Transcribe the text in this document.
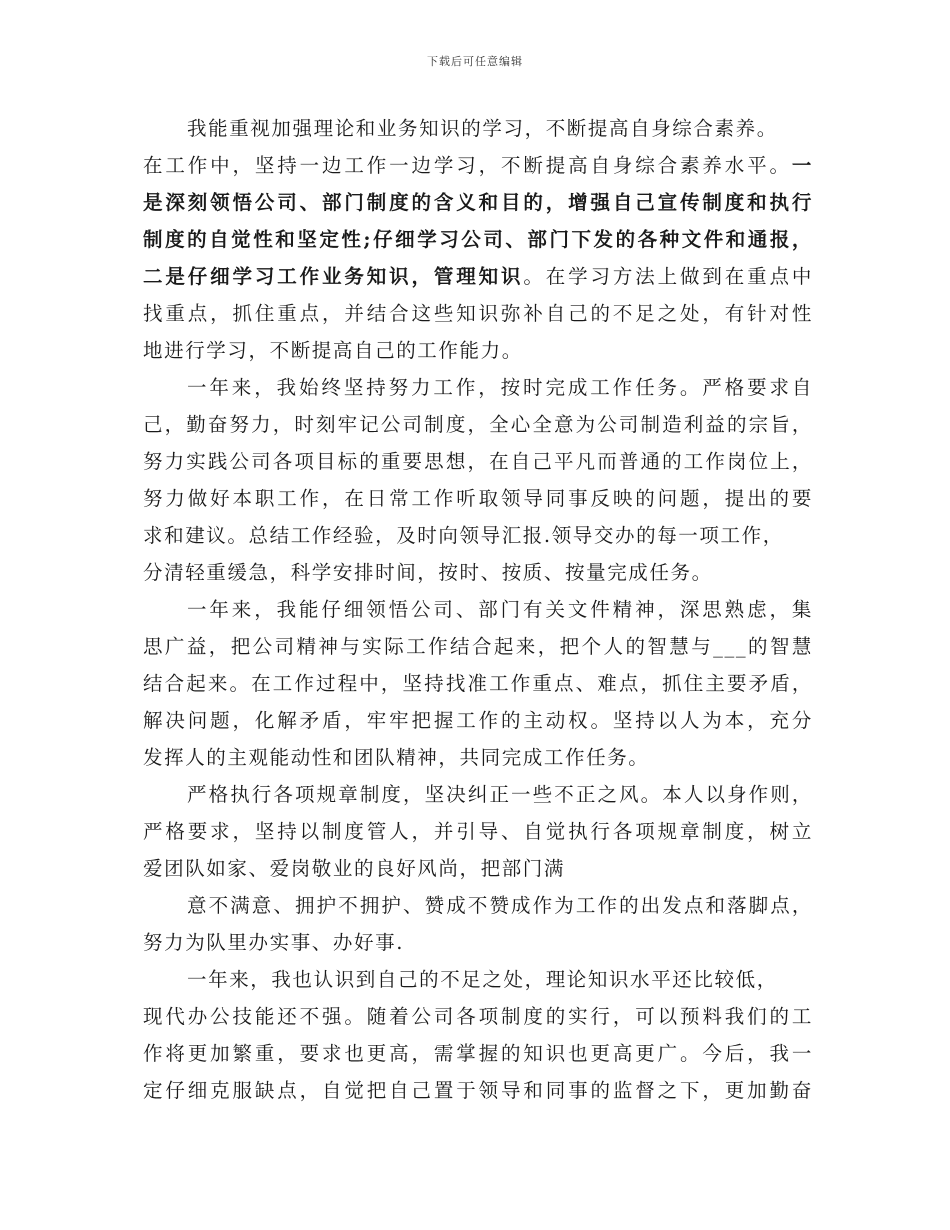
下载后可任意编辑
我能重视加强理论和业务知识的学习，不断提高自身综合素养。
在工作中，坚持一边工作一边学习，不断提高自身综合素养水平。一
是深刻领悟公司、部门制度的含义和目的，增强自己宣传制度和执行
制度的自觉性和坚定性;仔细学习公司、部门下发的各种文件和通报，
二是仔细学习工作业务知识，管理知识。在学习方法上做到在重点中
找重点，抓住重点，并结合这些知识弥补自己的不足之处，有针对性
地进行学习，不断提高自己的工作能力。
一年来，我始终坚持努力工作，按时完成工作任务。严格要求自
己，勤奋努力，时刻牢记公司制度，全心全意为公司制造利益的宗旨，
努力实践公司各项目标的重要思想，在自己平凡而普通的工作岗位上，
努力做好本职工作，在日常工作听取领导同事反映的问题，提出的要
求和建议。总结工作经验，及时向领导汇报.领导交办的每一项工作，
分清轻重缓急，科学安排时间，按时、按质、按量完成任务。
一年来，我能仔细领悟公司、部门有关文件精神，深思熟虑，集
思广益，把公司精神与实际工作结合起来，把个人的智慧与___的智慧
结合起来。在工作过程中，坚持找准工作重点、难点，抓住主要矛盾，
解决问题，化解矛盾，牢牢把握工作的主动权。坚持以人为本，充分
发挥人的主观能动性和团队精神，共同完成工作任务。
严格执行各项规章制度，坚决纠正一些不正之风。本人以身作则，
严格要求，坚持以制度管人，并引导、自觉执行各项规章制度，树立
爱团队如家、爱岗敬业的良好风尚，把部门满
意不满意、拥护不拥护、赞成不赞成作为工作的出发点和落脚点，
努力为队里办实事、办好事.
一年来，我也认识到自己的不足之处，理论知识水平还比较低，
现代办公技能还不强。随着公司各项制度的实行，可以预料我们的工
作将更加繁重，要求也更高，需掌握的知识也更高更广。今后，我一
定仔细克服缺点，自觉把自己置于领导和同事的监督之下，更加勤奋
